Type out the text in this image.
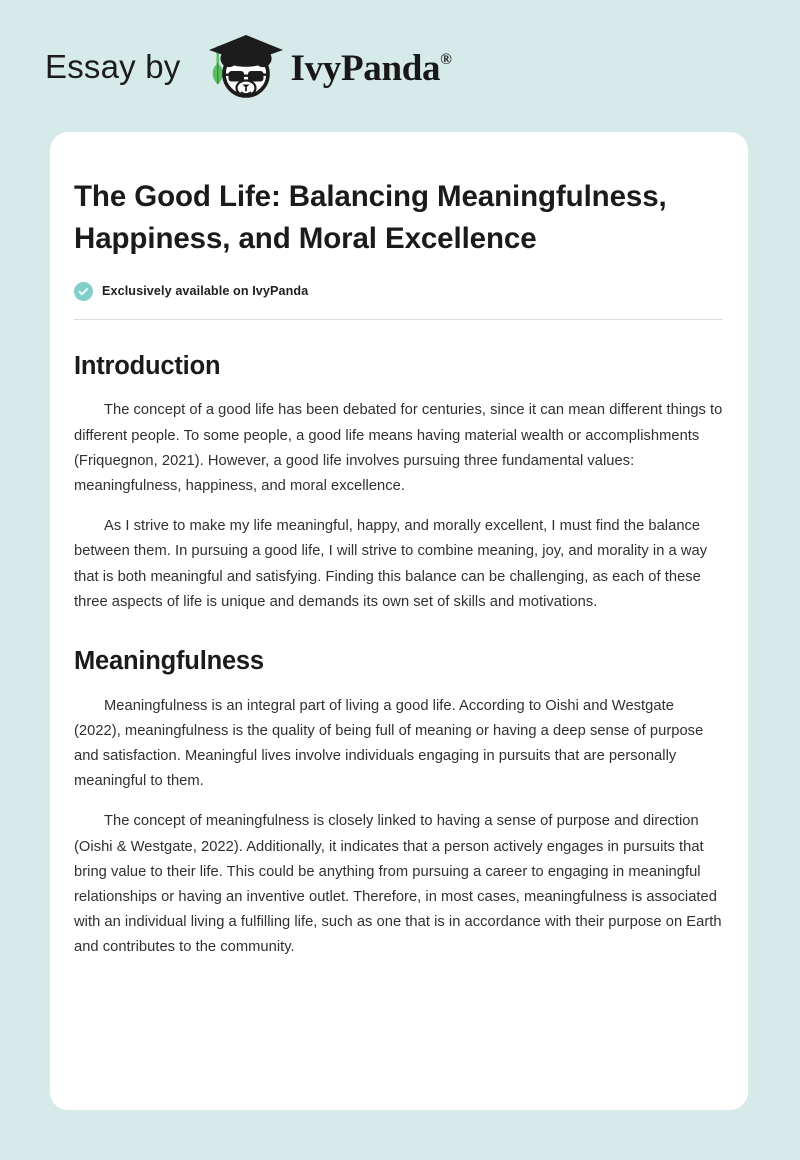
Essay by	IvyPanda®
The Good Life: Balancing Meaningfulness, Happiness, and Moral Excellence
Exclusively available on IvyPanda
Introduction

The concept of a good life has been debated for centuries, since it can mean different things to different people. To some people, a good life means having material wealth or accomplishments (Friquegnon, 2021). However, a good life involves pursuing three fundamental values: meaningfulness, happiness, and moral excellence.

As I strive to make my life meaningful, happy, and morally excellent, I must find the balance between them. In pursuing a good life, I will strive to combine meaning, joy, and morality in a way that is both meaningful and satisfying. Finding this balance can be challenging, as each of these three aspects of life is unique and demands its own set of skills and motivations.

Meaningfulness

Meaningfulness is an integral part of living a good life. According to Oishi and Westgate (2022), meaningfulness is the quality of being full of meaning or having a deep sense of purpose and satisfaction. Meaningful lives involve individuals engaging in pursuits that are personally meaningful to them.

The concept of meaningfulness is closely linked to having a sense of purpose and direction (Oishi & Westgate, 2022). Additionally, it indicates that a person actively engages in pursuits that bring value to their life. This could be anything from pursuing a career to engaging in meaningful relationships or having an inventive outlet. Therefore, in most cases, meaningfulness is associated with an individual living a fulfilling life, such as one that is in accordance with their purpose on Earth and contributes to the community.
